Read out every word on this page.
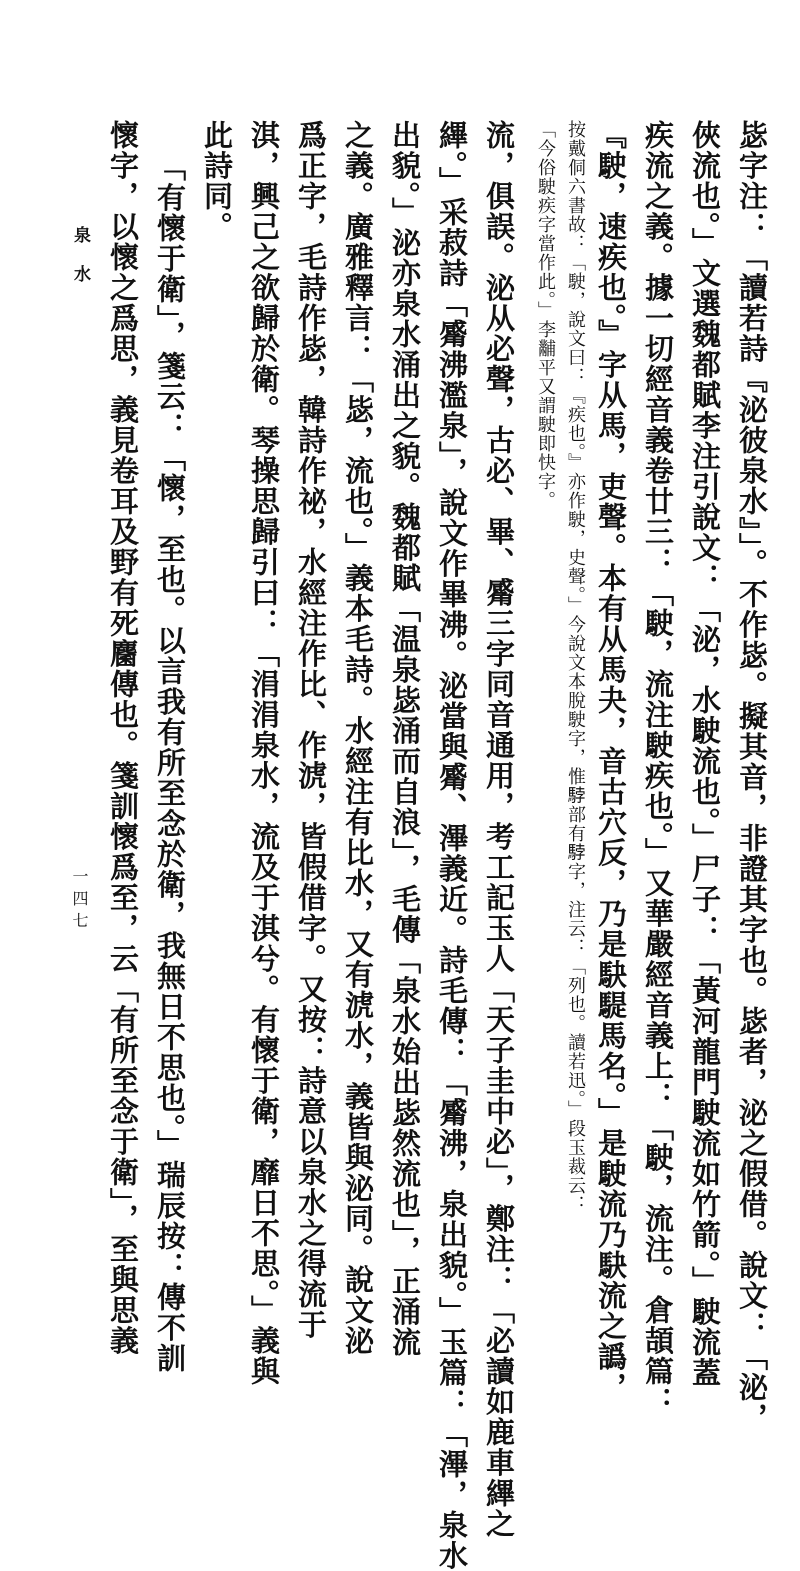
泉水
一四七	毖字注：「讀若詩『泌彼泉水』」。不作毖。擬其音，非證其字也。毖者，泌之假借。說文：「泌，
俠流也。」文選魏都賦李注引說文：「泌，水駛流也。」尸子：「黃河龍門駛流如竹箭。」駛流蓋
疾流之義。據一切經音義卷廿三：「駛，流注駛疾也。」又華嚴經音義上：「駛，流注。倉頡篇：
『駛，速疾也。』字从馬，吏聲。本有从馬夬，音古穴反，乃是駃騠馬名。」是駛流乃駃流之譌，
按戴侗六書故：「駛，說文曰：『疾也。』亦作駛，史聲。」今說文本脫駛字，惟𩣡部有𩣡字，注云：「列也。讀若迅。」段玉裁云：
「今俗駛疾字當作此。」李黼平又謂駛即快字。
流，俱誤。泌从必聲，古必、畢、觱三字同音通用，考工記玉人「天子圭中必」，鄭注：「必讀如鹿車縪之
縪。」采菽詩「觱沸濫泉」，說文作畢沸。泌當與觱、滭義近。詩毛傳：「觱沸，泉出貌。」玉篇：「滭，泉水
出貌。」泌亦泉水涌出之貌。魏都賦「温泉毖涌而自浪」，毛傳「泉水始出毖然流也」，正涌流
之義。廣雅釋言：「毖，流也。」義本毛詩。水經注有比水，又有淲水，義皆與泌同。說文泌
爲正字，毛詩作毖，韓詩作祕，水經注作比、作淲，皆假借字。又按：詩意以泉水之得流于
淇，興己之欲歸於衛。琴操思歸引曰：「涓涓泉水，流及于淇兮。有懷于衛，靡日不思。」義與
此詩同。
「有懷于衛」，箋云：「懷，至也。以言我有所至念於衛，我無日不思也。」瑞辰按：傳不訓
懷字，以懷之爲思，義見卷耳及野有死麕傳也。箋訓懷爲至，云「有所至念于衛」，至與思義
